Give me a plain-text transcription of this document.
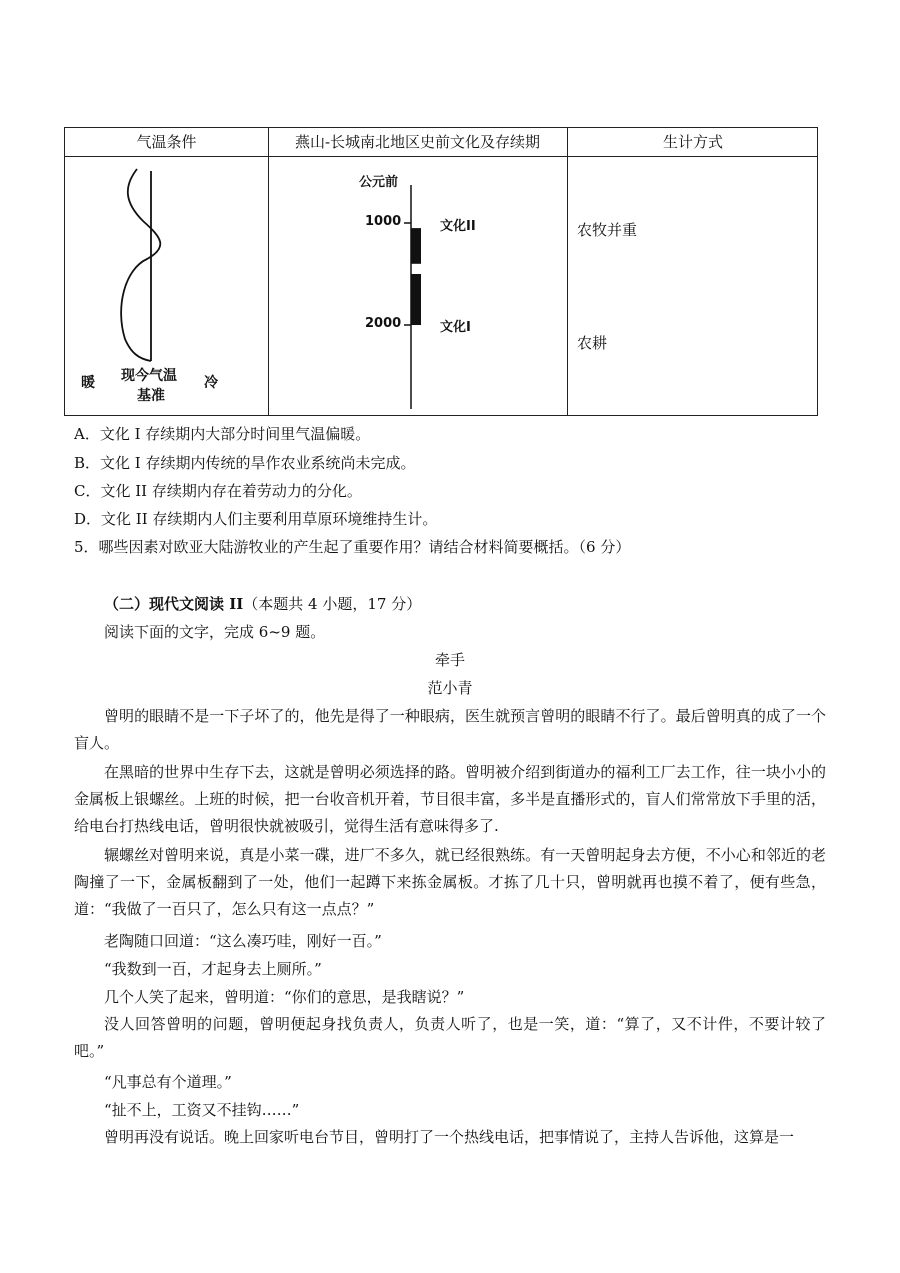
气温条件	燕山-长城南北地区史前文化及存续期	生计方式
暖 现今气温
基准
冷
公元前
1000
2000
文化II
文化I
农牧并重
农耕
A．文化 I 存续期内大部分时间里气温偏暖。
B．文化 I 存续期内传统的旱作农业系统尚未完成。
C．文化 II 存续期内存在着劳动力的分化。
D．文化 II 存续期内人们主要利用草原环境维持生计。
5．哪些因素对欧亚大陆游牧业的产生起了重要作用？请结合材料简要概括。（6 分）
（二）现代文阅读 II（本题共 4 小题，17 分）
阅读下面的文字，完成 6~9 题。
牵手
范小青
曾明的眼睛不是一下子坏了的，他先是得了一种眼病，医生就预言曾明的眼睛不行了。最后曾明真的成了一个盲人。
在黑暗的世界中生存下去，这就是曾明必须选择的路。曾明被介绍到街道办的福利工厂去工作，往一块小小的金属板上银螺丝。上班的时候，把一台收音机开着，节目很丰富，多半是直播形式的，盲人们常常放下手里的活，给电台打热线电话，曾明很快就被吸引，觉得生活有意味得多了.
辗螺丝对曾明来说，真是小菜一碟，进厂不多久，就已经很熟练。有一天曾明起身去方便，不小心和邻近的老陶撞了一下，金属板翻到了一处，他们一起蹲下来拣金属板。才拣了几十只，曾明就再也摸不着了，便有些急，道：“我做了一百只了，怎么只有这一点点？”
老陶随口回道：“这么凑巧哇，刚好一百。”
“我数到一百，才起身去上厕所。”
几个人笑了起来，曾明道：“你们的意思，是我瞎说？”
没人回答曾明的问题，曾明便起身找负责人，负责人听了，也是一笑，道：“算了，又不计件，不要计较了吧。”
“凡事总有个道理。”
“扯不上，工资又不挂钩……”
曾明再没有说话。晚上回家听电台节目，曾明打了一个热线电话，把事情说了，主持人告诉他，这算是一
